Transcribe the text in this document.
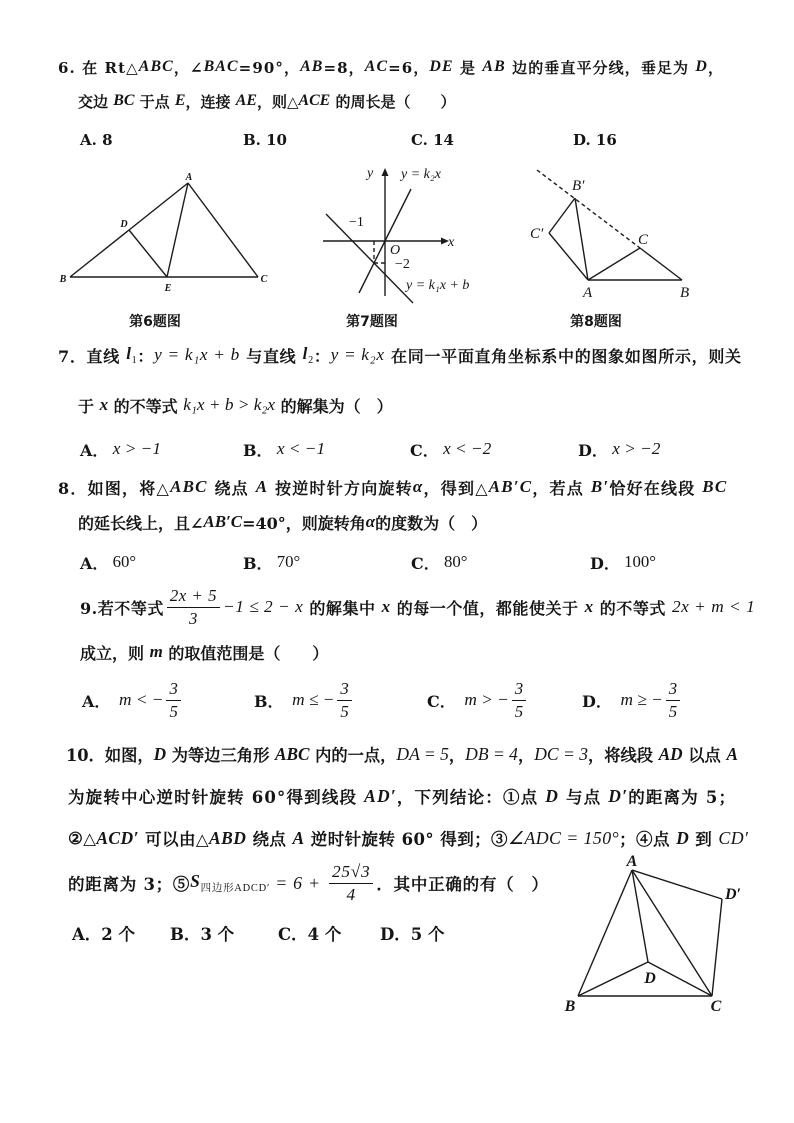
6. 在 Rt△ ABC ，∠ BAC =90°， AB =8， AC =6， DE 是 AB 边的垂直平分线，垂足为 D ，
交边 BC 于点 E ，连接 AE ，则△ ACE 的周长是（　　）
A. 8	B. 10	C. 14	D. 16
A
B	C
D
E
x
y
O
−1
−2
y = k₂x
y = k₁x + b
B′
C′	C
A	B
第6题图	第7题图	第8题图
7．直线 $l_1$ ： y = k₁x + b 与直线 $l_2$ ： y = k₂x 在同一平面直角坐标系中的图象如图所示，则关
于 x 的不等式 k₁x + b > k₂x 的解集为（　）
A． x > −1	B． x < −1	C． x < −2	D． x > −2
8．如图，将△ ABC 绕点 A 按逆时针方向旋转 α ，得到△ AB′C ，若点 B′ 恰好在线段 BC
的延长线上，且∠ AB′C =40°，则旋转角 α 的度数为（　）
A． 60°	B． 70°	C． 80°	D． 100°
9.若不等式 $\frac{2x + 5}{3} -1 \le 2 - x$ 的解集中 x 的每一个值，都能使关于 x 的不等式 2x + m < 1
成立，则 m 的取值范围是（　　）
A． m < − $\frac{3}{5}$	B． m ≤ − $\frac{3}{5}$	C． m > − $\frac{3}{5}$	D． m ≥ − $\frac{3}{5}$
10．如图， D 为等边三角形 ABC 内的一点， DA = 5 ， DB = 4 ， DC = 3 ，将线段 AD 以点 A
为旋转中心逆时针旋转 60°得到线段 AD′ ，下列结论：①点 D 与点 D′ 的距离为 5；
②△ ACD′ 可以由△ ABD 绕点 A 逆时针旋转 60° 得到；③ ∠ADC = 150° ；④点 D 到 CD′
的距离为 3；⑤ $S_{四边形ADCD'} = 6 + \frac{25√3}{4}$ ．其中正确的有（　）
A．2 个 B．3 个	C．4 个 D．5 个
A
D′
D
B	C
